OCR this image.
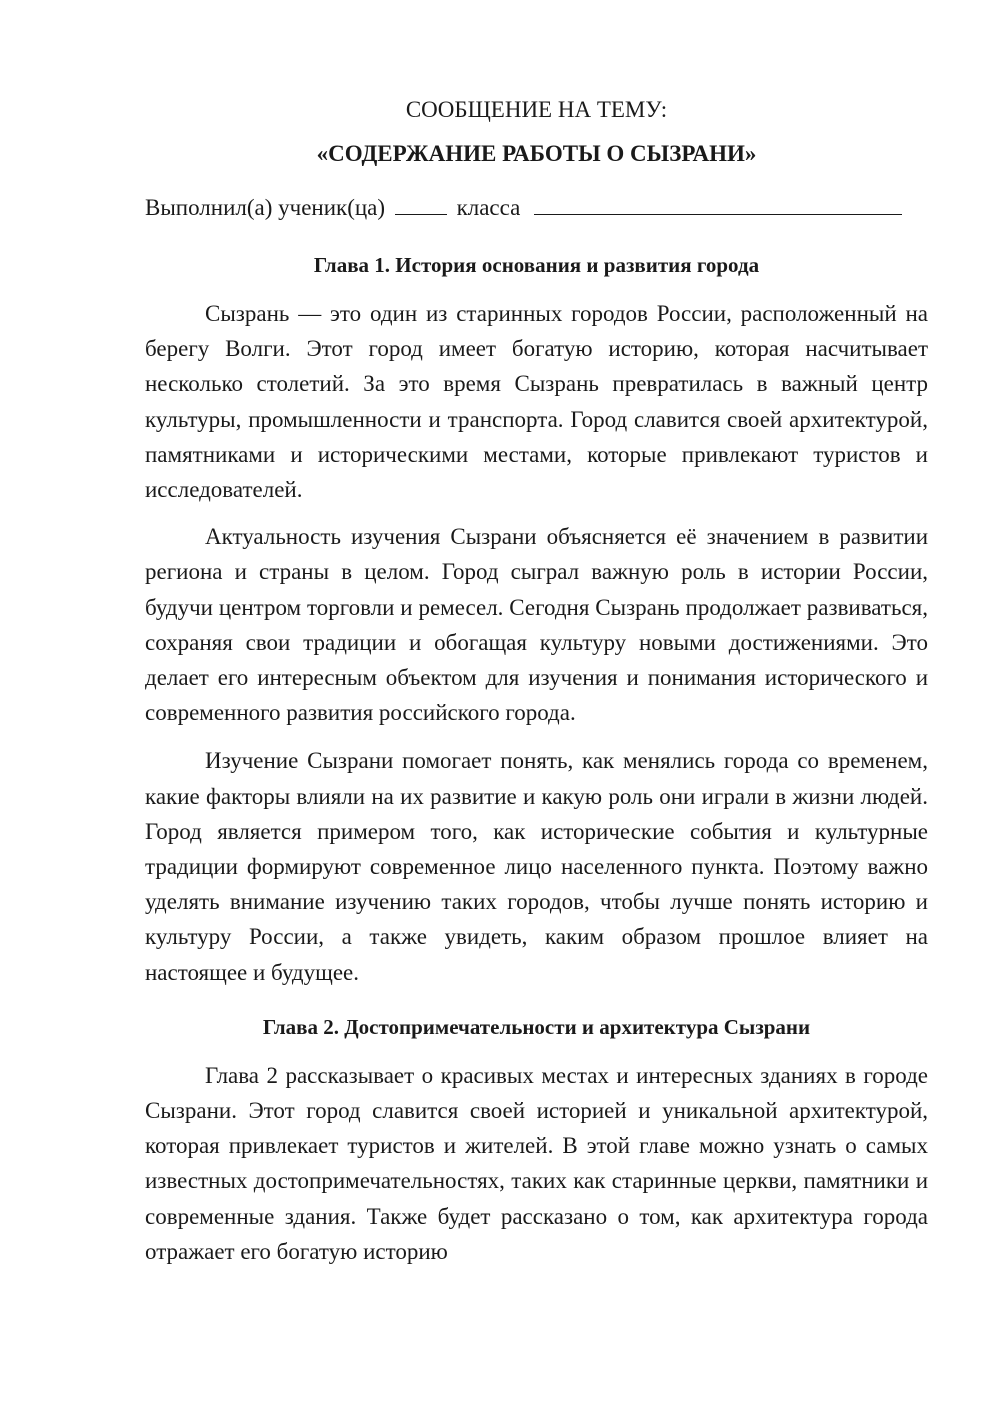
СООБЩЕНИЕ НА ТЕМУ:

«СОДЕРЖАНИЕ РАБОТЫ О СЫЗРАНИ»

Выполнил(а) ученик(ца)	класса

Глава 1. История основания и развития города

Сызрань — это один из старинных городов России, расположенный на берегу Волги. Этот город имеет богатую историю, которая насчитывает несколько столетий. За это время Сызрань превратилась в важный центр культуры, промышленности и транспорта. Город славится своей архитектурой, памятниками и историческими местами, которые привлекают туристов и исследователей.

Актуальность изучения Сызрани объясняется её значением в развитии региона и страны в целом. Город сыграл важную роль в истории России, будучи центром торговли и ремесел. Сегодня Сызрань продолжает развиваться, сохраняя свои традиции и обогащая культуру новыми достижениями. Это делает его интересным объектом для изучения и понимания исторического и современного развития российского города.

Изучение Сызрани помогает понять, как менялись города со временем, какие факторы влияли на их развитие и какую роль они играли в жизни людей. Город является примером того, как исторические события и культурные традиции формируют современное лицо населенного пункта. Поэтому важно уделять внимание изучению таких городов, чтобы лучше понять историю и культуру России, а также увидеть, каким образом прошлое влияет на настоящее и будущее.

Глава 2. Достопримечательности и архитектура Сызрани

Глава 2 рассказывает о красивых местах и интересных зданиях в городе Сызрани. Этот город славится своей историей и уникальной архитектурой, которая привлекает туристов и жителей. В этой главе можно узнать о самых известных достопримечательностях, таких как старинные церкви, памятники и современные здания. Также будет рассказано о том, как архитектура города отражает его богатую историю
